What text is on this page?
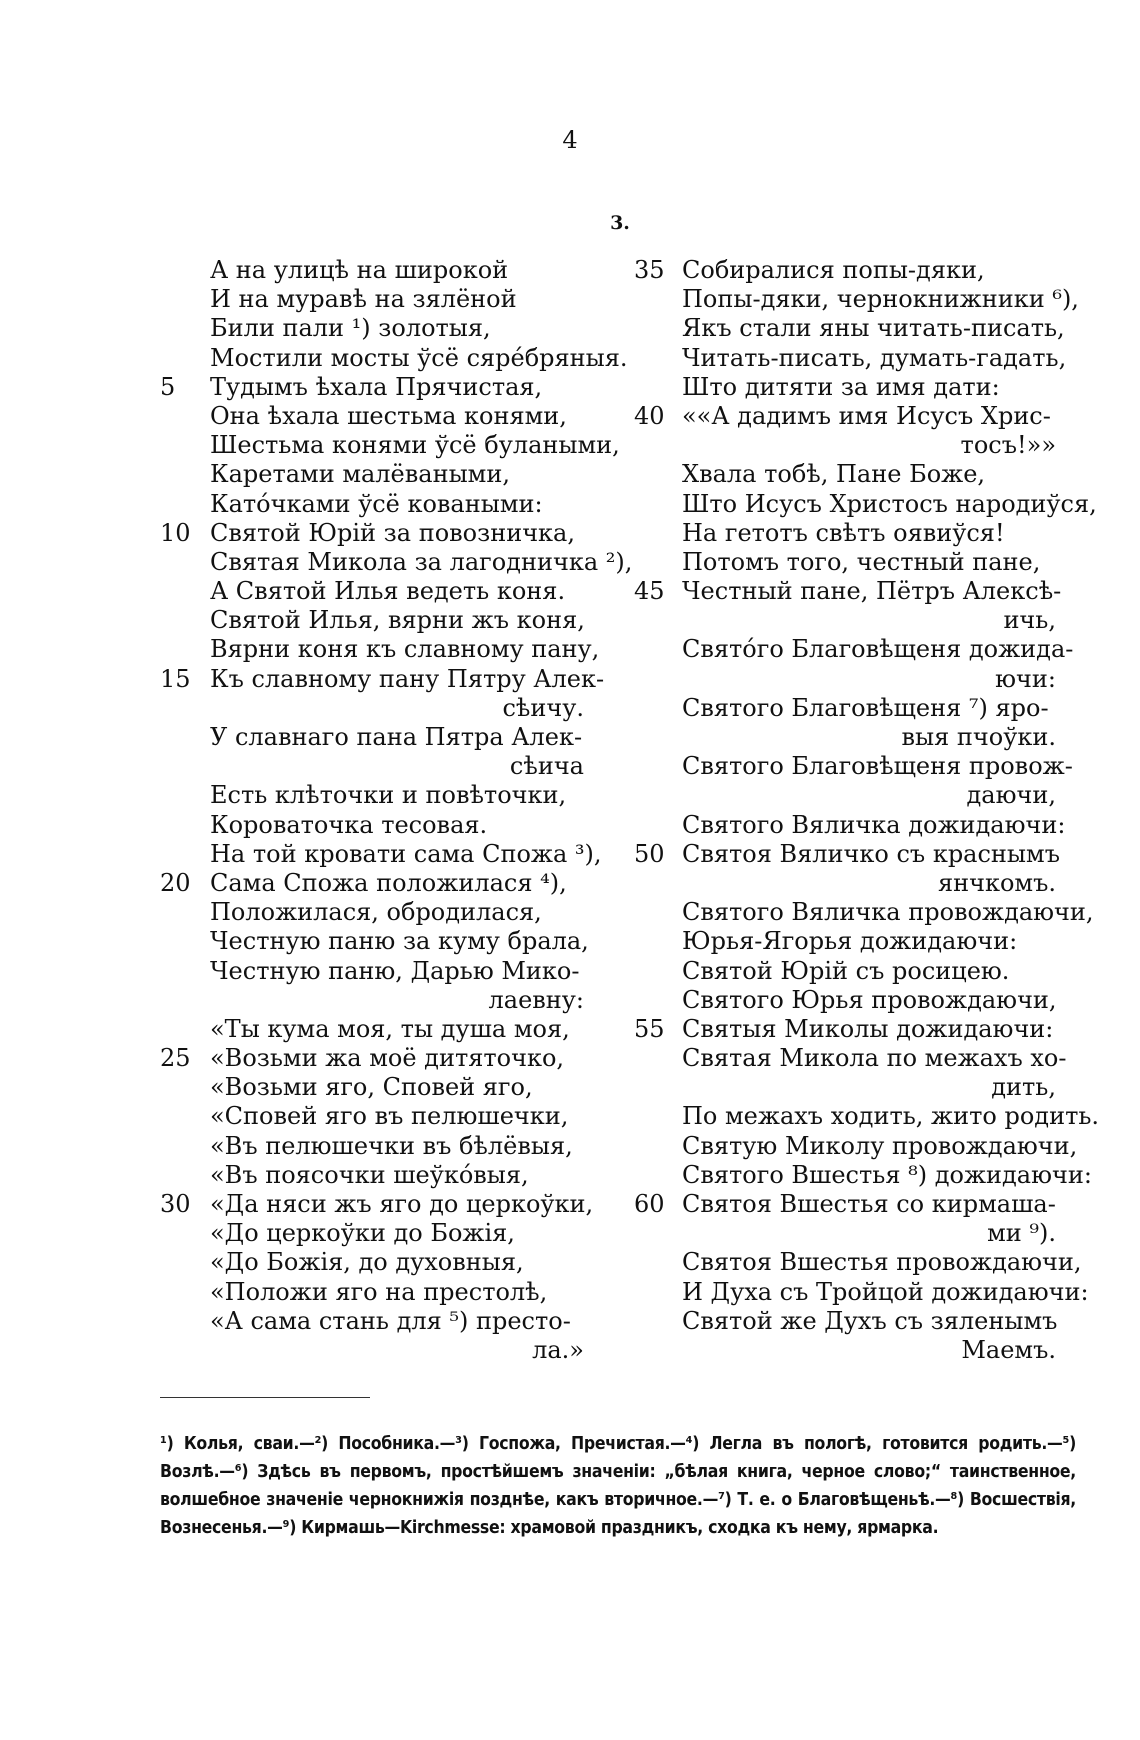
4
3.
А на улицѣ на широкой
И на муравѣ на зялёной
Били пали ¹) золотыя,
Мостили мосты ўсё сярéбряныя.
5	Тудымъ ѣхала Прячистая,
Она ѣхала шестьма конями,
Шестьма конями ўсё булаными,
Каретами малёваными,
Катóчками ўсё коваными:
10 Святой Юрій за повозничка,
Святая Микола за лагодничка ²),
А Святой Илья ведеть коня.
Святой Илья, вярни жъ коня,
Вярни коня къ славному пану,
15 Къ славному пану Пятру Алек-
сѣичу.
У славнаго пана Пятра Алек-
сѣича
Есть клѣточки и повѣточки,
Короваточка тесовая.
На той кровати сама Спожа ³),
20 Сама Спожа положилася ⁴),
Положилася, обродилася,
Честную паню за куму брала,
Честную паню, Дарью Мико-
лаевну:
«Ты кума моя, ты душа моя,
25 «Возьми жа моё дитяточко,
«Возьми яго, Сповей яго,
«Сповей яго въ пелюшечки,
«Въ пелюшечки въ бѣлёвыя,
«Въ поясочки шеўкóвыя,
30 «Да няси жъ яго до церкоўки,
«До церкоўки до Божія,
«До Божія, до духовныя,
«Положи яго на престолѣ,
«А сама стань для ⁵) престо-
ла.»
35 Собиралися попы-дяки,
Попы-дяки, чернокнижники ⁶),
Якъ стали яны читать-писать,
Читать-писать, думать-гадать,
Што дитяти за имя дати:
40 ««А дадимъ имя Исусъ Хрис-
тосъ!»»
Хвала тобѣ, Пане Боже,
Што Исусъ Христосъ народиўся,
На гетотъ свѣтъ оявиўся!
Потомъ того, честный пане,
45 Честный пане, Пётръ Алексѣ-
ичь,
Святóго Благовѣщеня дожида-
ючи:
Святого Благовѣщеня ⁷) яро-
выя пчоўки.
Святого Благовѣщеня провож-
даючи,
Святого Вяличка дожидаючи:
50 Святоя Вяличко съ краснымъ
янчкомъ.
Святого Вяличка провождаючи,
Юрья-Ягорья дожидаючи:
Святой Юрій съ росицею.
Святого Юрья провождаючи,
55 Святыя Миколы дожидаючи:
Святая Микола по межахъ хо-
дить,
По межахъ ходить, жито родить.
Святую Миколу провождаючи,
Святого Вшестья ⁸) дожидаючи:
60 Святоя Вшестья со кирмаша-
ми ⁹).
Святоя Вшестья провождаючи,
И Духа съ Тройцой дожидаючи:
Святой же Духъ съ зяленымъ
Маемъ.
¹) Колья, сваи.—²) Пособника.—³) Госпожа, Пречистая.—⁴) Легла въ пологѣ, готовится родить.—⁵) Возлѣ.—⁶) Здѣсь въ первомъ, простѣйшемъ значеніи: „бѣлая книга, черное слово;“ таинственное, волшебное значеніе чернокнижія позднѣе, какъ вторичное.—⁷) Т. е. о Благовѣщеньѣ.—⁸) Восшествія, Вознесенья.—⁹) Кирмашь—Kirchmesse: храмовой праздникъ, сходка къ нему, ярмарка.
